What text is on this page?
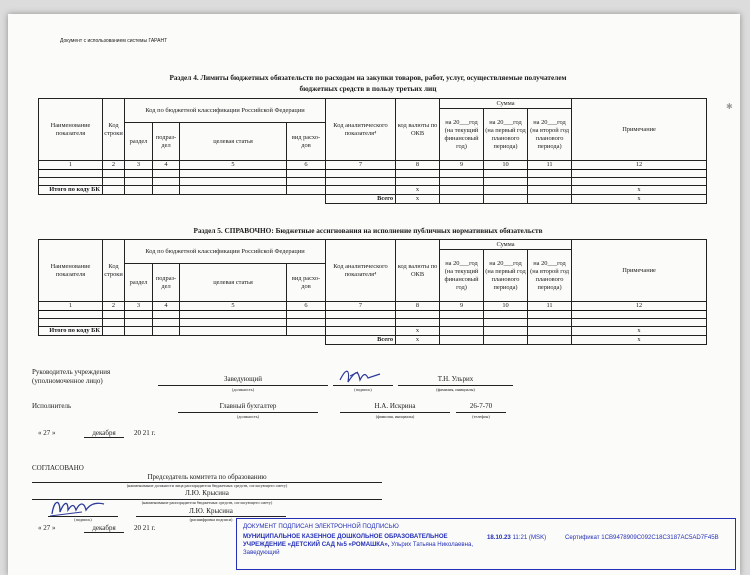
Документ с использованием системы ГАРАНТ
✱
Раздел 4. Лимиты бюджетных обязательств по расходам на закупки товаров, работ, услуг, осуществляемые получателем
бюджетных средств в пользу третьих лиц
Наименование показателя	Код строки	Код по бюджетной классификации Российской Федерации				Код аналитического показателя⁴	код валюты по ОКВ	Сумма			Примечание
								на 20___год (на текущий финансовый год)	на 20___год (на первый год планового периода)	на 20___год (на второй год планового периода)	
		раздел	подраз-дел	целевая статья	вид расхо-дов						
1	2	3	4	5	6	7	8	9	10	11	12

Итого по коду БК							x				x
						Всего	x				x
Раздел 5. СПРАВОЧНО: Бюджетные ассигнования на исполнение публичных нормативных обязательств
Наименование показателя	Код строки	Код по бюджетной классификации Российской Федерации				Код аналитического показателя⁴	код валюты по ОКВ	Сумма			Примечание
								на 20___год (на текущий финансовый год)	на 20___год (на первый год планового периода)	на 20___год (на второй год планового периода)	
		раздел	подраз-дел	целевая статья	вид расхо-дов						
1	2	3	4	5	6	7	8	9	10	11	12

Итого по коду БК							x				x
						Всего	x				x
Руководитель учреждения (уполномоченное лицо)	Заведующий
(должность)	(подпись)
Т.Н. Ульрих
(фамилия, инициалы)
Исполнитель	Главный бухгалтер
(должность)
Н.А. Искрина
(фамилия, инициалы)
26-7-70
(телефон)
« 27 »	декабря	20 21 г.
СОГЛАСОВАНО
Председатель комитета по образованию
(наименование должности лица распорядителя бюджетных средств, согласующего смету)
Л.Ю. Крысина
(наименование распорядителя бюджетных средств, согласующего смету)
Л.Ю. Крысина
(подпись)	(расшифровка подписи)
« 27 »	декабря	20 21 г.	ДОКУМЕНТ ПОДПИСАН ЭЛЕКТРОННОЙ ПОДПИСЬЮ
МУНИЦИПАЛЬНОЕ КАЗЕННОЕ ДОШКОЛЬНОЕ ОБРАЗОВАТЕЛЬНОЕ УЧРЕЖДЕНИЕ «ДЕТСКИЙ САД №5 «РОМАШКА», Ульрих Татьяна Николаевна, Заведующий
18.10.23 11:21 (MSK)	Сертификат 1CB9478909C092C18C3187AC5AD7F45B
